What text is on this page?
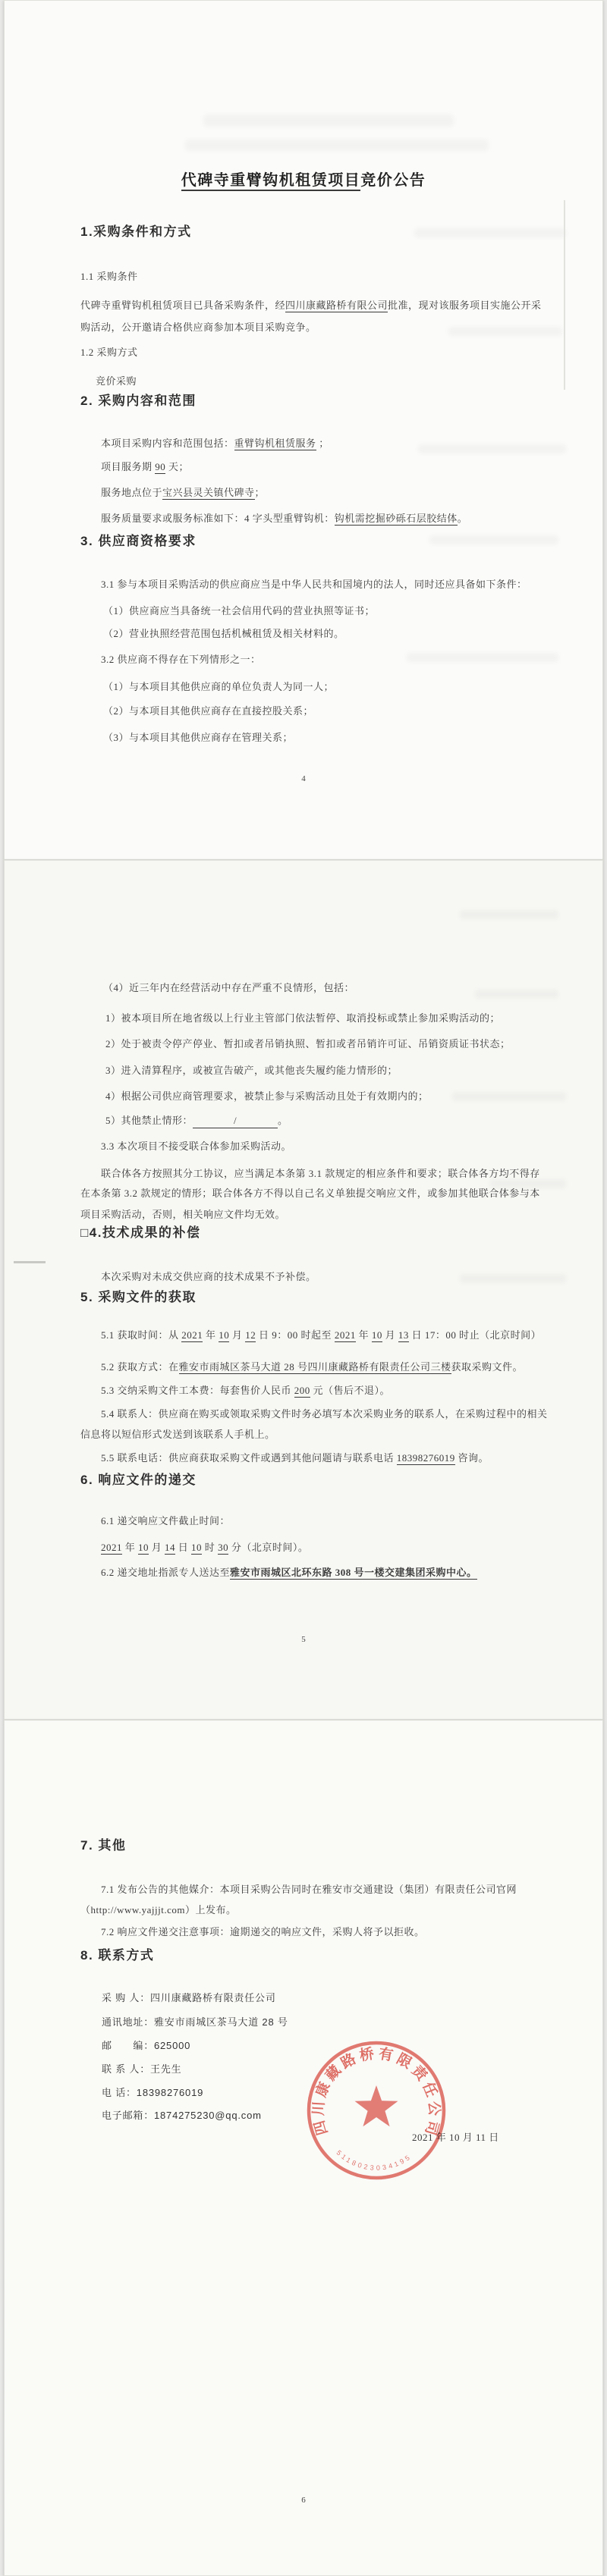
代碑寺重臂钩机租赁项目竞价公告
1.采购条件和方式
1.1 采购条件
代碑寺重臂钩机租赁项目已具备采购条件，经四川康藏路桥有限公司批准，现对该服务项目实施公开采
购活动，公开邀请合格供应商参加本项目采购竞争。
1.2 采购方式
竞价采购
2. 采购内容和范围
本项目采购内容和范围包括：重臂钩机租赁服务 ；
项目服务期 90 天；
服务地点位于宝兴县灵关镇代碑寺；
服务质量要求或服务标准如下：4 字头型重臂钩机：钩机需挖掘砂砾石层胶结体。
3. 供应商资格要求
3.1 参与本项目采购活动的供应商应当是中华人民共和国境内的法人，同时还应具备如下条件：
（1）供应商应当具备统一社会信用代码的营业执照等证书；
（2）营业执照经营范围包括机械租赁及相关材料的。
3.2 供应商不得存在下列情形之一：
（1）与本项目其他供应商的单位负责人为同一人；
（2）与本项目其他供应商存在直接控股关系；
（3）与本项目其他供应商存在管理关系；
4
（4）近三年内在经营活动中存在严重不良情形，包括：
1）被本项目所在地省级以上行业主管部门依法暂停、取消投标或禁止参加采购活动的；
2）处于被责令停产停业、暂扣或者吊销执照、暂扣或者吊销许可证、吊销资质证书状态；
3）进入清算程序，或被宣告破产，或其他丧失履约能力情形的；
4）根据公司供应商管理要求，被禁止参与采购活动且处于有效期内的；
5）其他禁止情形：	/	。
3.3 本次项目不接受联合体参加采购活动。
联合体各方按照其分工协议，应当满足本条第 3.1 款规定的相应条件和要求；联合体各方均不得存
在本条第 3.2 款规定的情形；联合体各方不得以自己名义单独提交响应文件，或参加其他联合体参与本
项目采购活动，否则，相关响应文件均无效。
□4.技术成果的补偿
本次采购对未成交供应商的技术成果不予补偿。
5. 采购文件的获取
5.1 获取时间：从 2021 年 10 月 12 日 9：00 时起至 2021 年 10 月 13 日 17：00 时止（北京时间）
5.2 获取方式：在雅安市雨城区茶马大道 28 号四川康藏路桥有限责任公司三楼获取采购文件。
5.3 交纳采购文件工本费：每套售价人民币 200 元（售后不退）。
5.4 联系人：供应商在购买或领取采购文件时务必填写本次采购业务的联系人，在采购过程中的相关
信息将以短信形式发送到该联系人手机上。
5.5 联系电话：供应商获取采购文件或遇到其他问题请与联系电话 18398276019 咨询。
6. 响应文件的递交
6.1 递交响应文件截止时间：
2021 年 10 月 14 日 10 时 30 分（北京时间）。
6.2 递交地址指派专人送达至雅安市雨城区北环东路 308 号一楼交建集团采购中心。
5
7. 其他
7.1 发布公告的其他媒介：本项目采购公告同时在雅安市交通建设（集团）有限责任公司官网
（http://www.yajjjt.com）上发布。
7.2 响应文件递交注意事项：逾期递交的响应文件，采购人将予以拒收。
8. 联系方式
采 购 人：四川康藏路桥有限责任公司
通讯地址：雅安市雨城区茶马大道 28 号
邮　　编：625000
联 系 人：王先生
电 话：18398276019
电子邮箱：1874275230@qq.com
2021 年 10 月 11 日
6
四川康藏路桥有限责任公司
5118023034195
